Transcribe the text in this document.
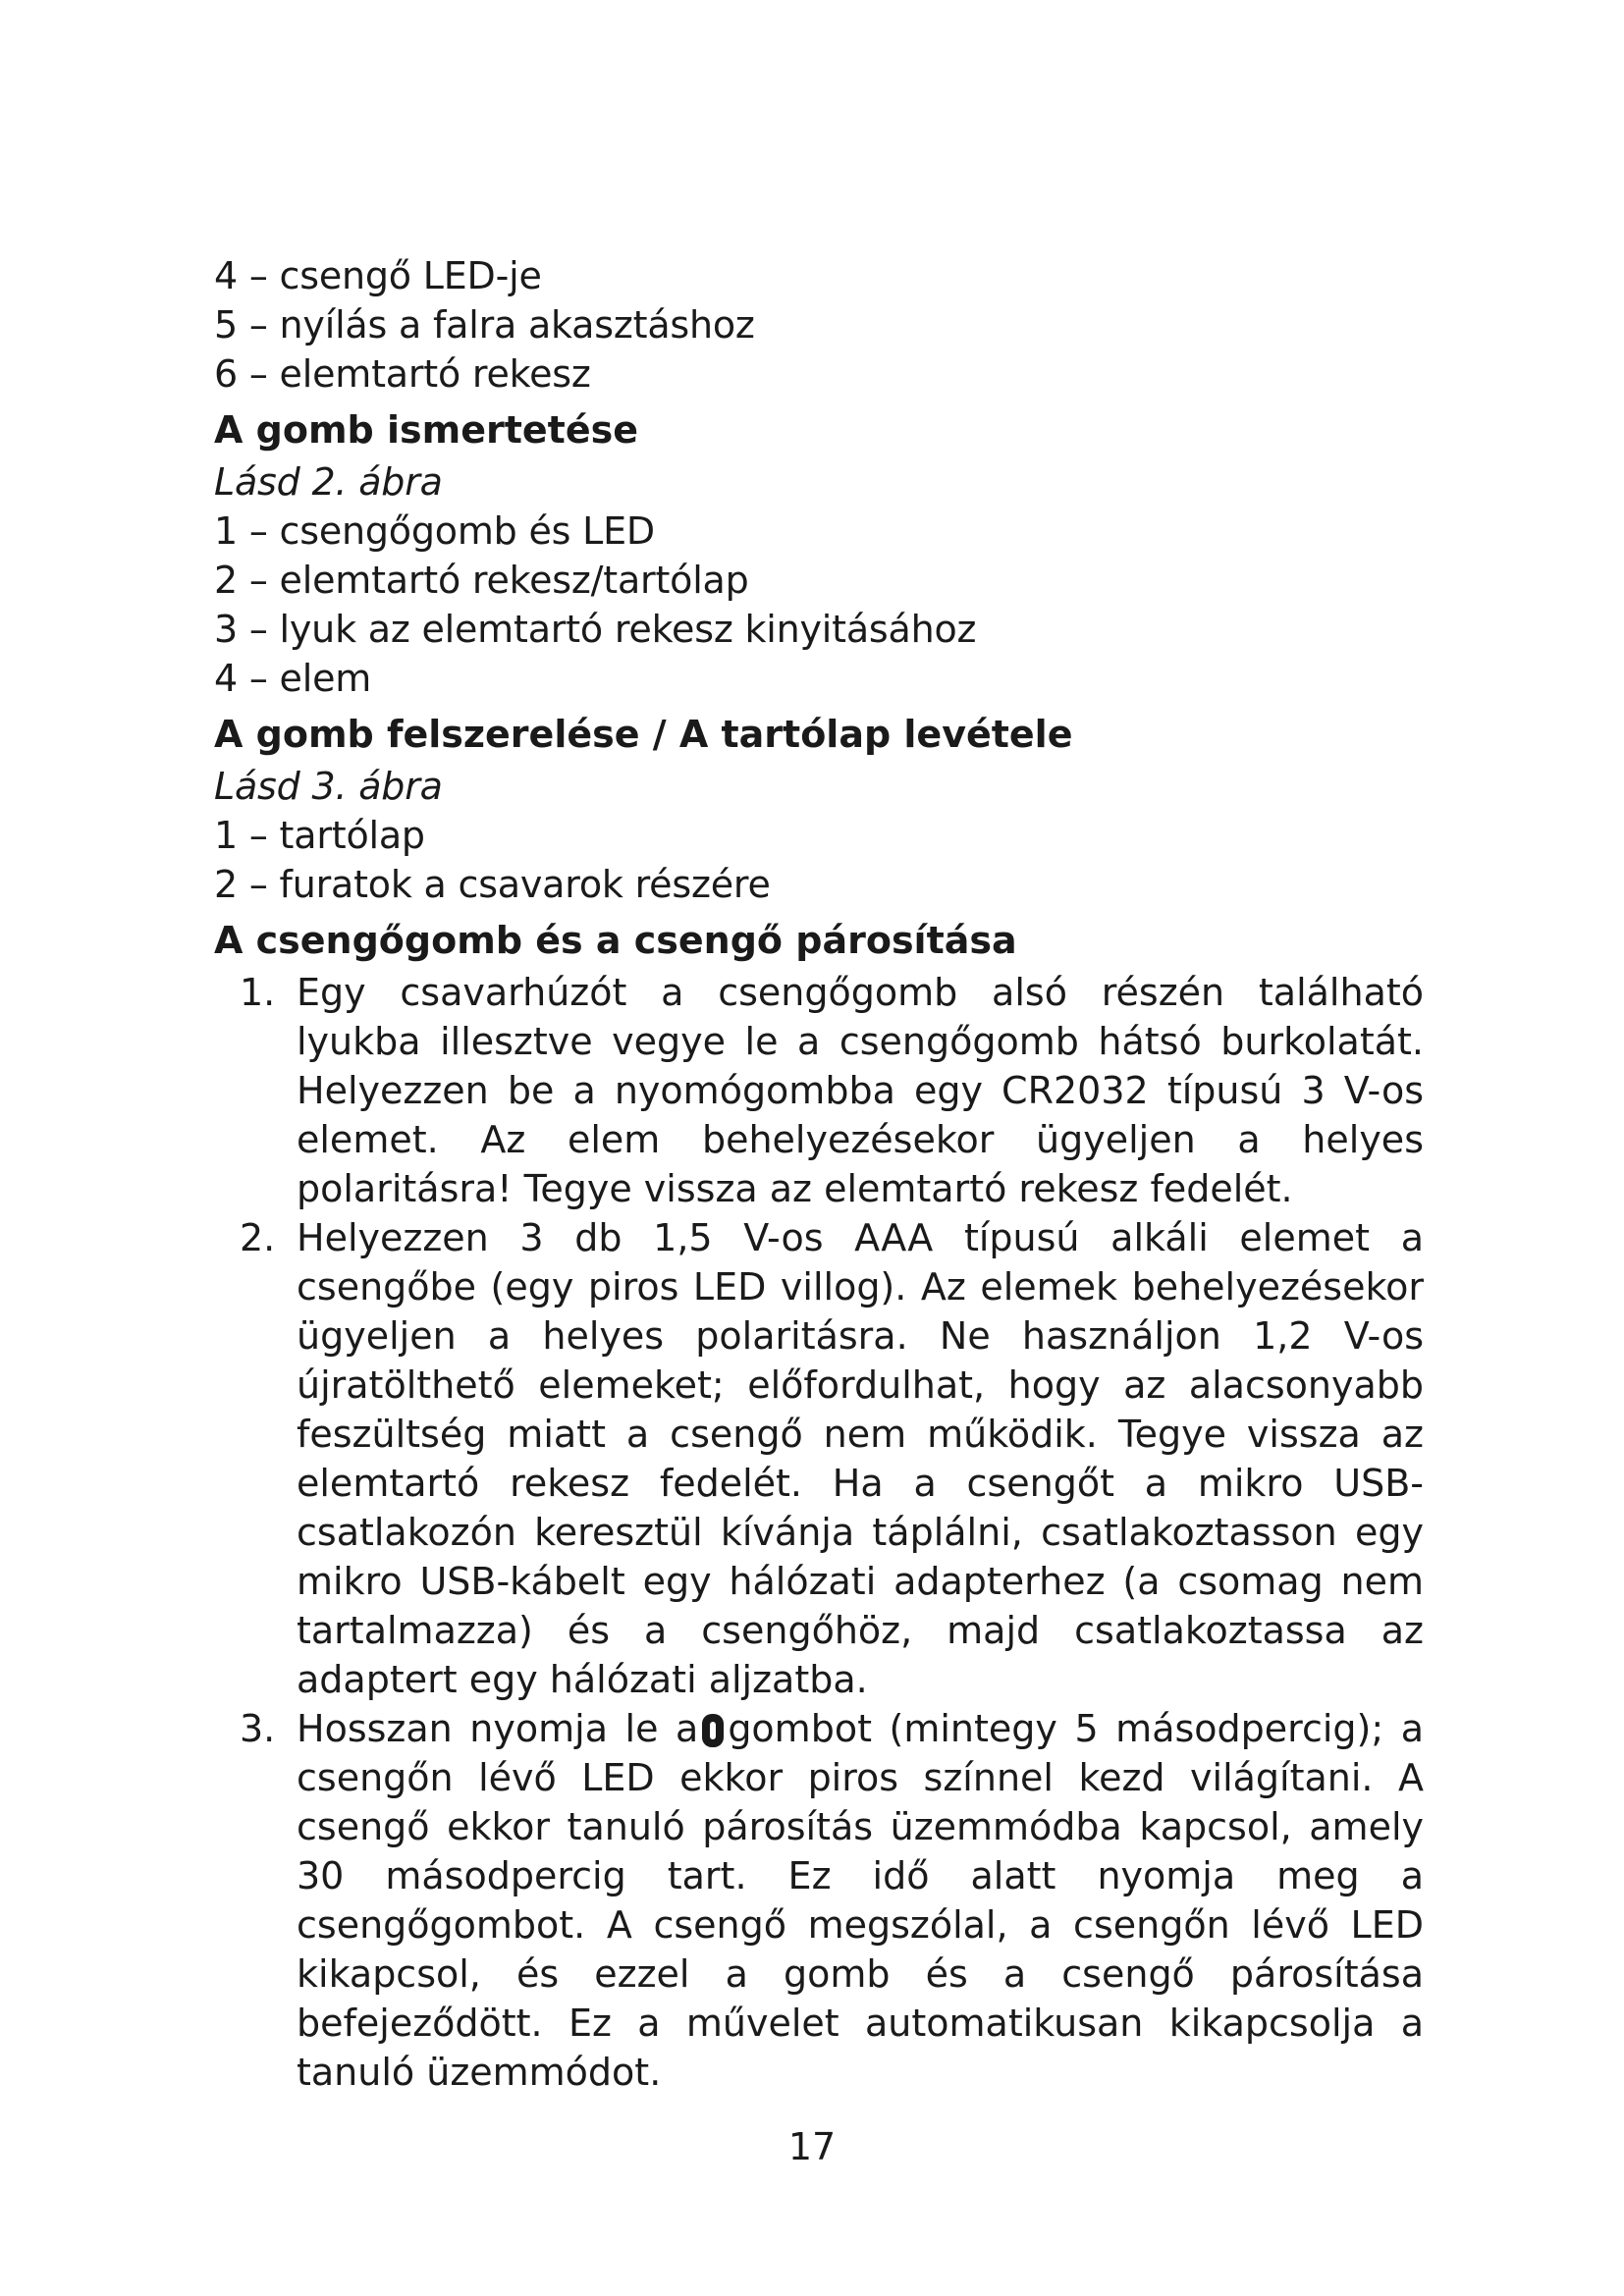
4 – csengő LED-je

5 – nyílás a falra akasztáshoz

6 – elemtartó rekesz

A gomb ismertetése

Lásd 2. ábra

1 – csengőgomb és LED

2 – elemtartó rekesz/tartólap

3 – lyuk az elemtartó rekesz kinyitásához

4 – elem

A gomb felszerelése / A tartólap levétele

Lásd 3. ábra

1 – tartólap

2 – furatok a csavarok részére

A csengőgomb és a csengő párosítása
1. Egy csavarhúzót a csengőgomb alsó részén található lyukba illesztve vegye le a csengőgomb hátsó burkolatát. Helyezzen be a nyomógombba egy CR2032 típusú 3 V-os elemet. Az elem behelyezésekor ügyeljen a helyes polaritásra! Tegye vissza az elemtartó rekesz fedelét.

2. Helyezzen 3 db 1,5 V-os AAA típusú alkáli elemet a csengőbe (egy piros LED villog). Az elemek behelyezésekor ügyeljen a helyes polaritásra. Ne használjon 1,2 V-os újratölthető elemeket; előfordulhat, hogy az alacsonyabb feszültség miatt a csengő nem működik. Tegye vissza az elemtartó rekesz fedelét. Ha a csengőt a mikro USB-csatlakozón keresztül kívánja táplálni, csatlakoztasson egy mikro USB-kábelt egy hálózati adapterhez (a csomag nem tartalmazza) és a csengőhöz, majd csatlakoztassa az adaptert egy hálózati aljzatba.

3. Hosszan nyomja le a gombot (mintegy 5 másodpercig); a csengőn lévő LED ekkor piros színnel kezd világítani. A csengő ekkor tanuló párosítás üzemmódba kapcsol, amely 30 másodpercig tart. Ez idő alatt nyomja meg a csengőgombot. A csengő megszólal, a csengőn lévő LED kikapcsol, és ezzel a gomb és a csengő párosítása befejeződött. Ez a művelet automatikusan kikapcsolja a tanuló üzemmódot.

17
